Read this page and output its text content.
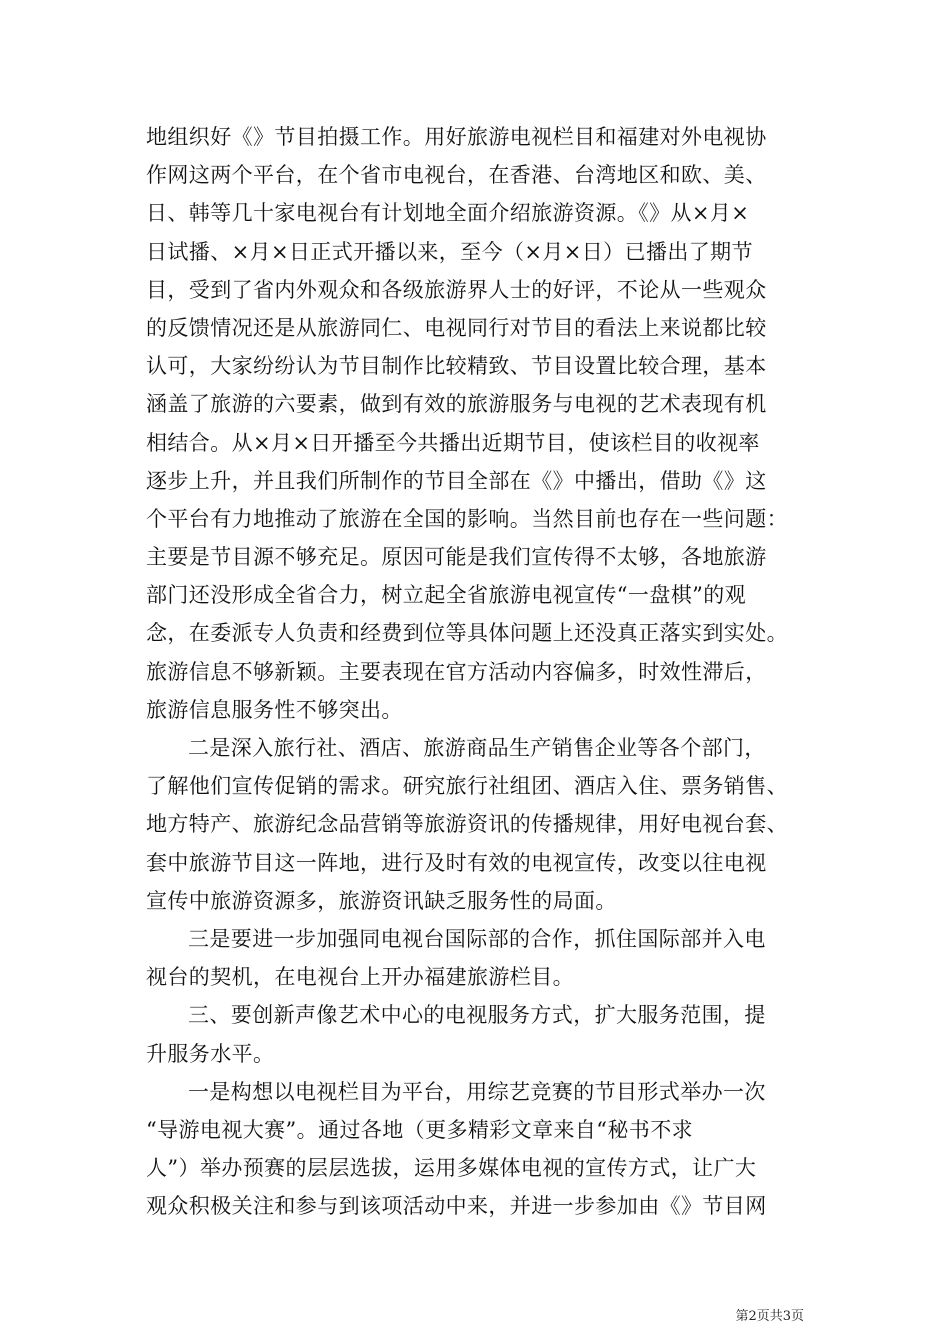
地组织好《》节目拍摄工作。用好旅游电视栏目和福建对外电视协
作网这两个平台，在个省市电视台，在香港、台湾地区和欧、美、
日、韩等几十家电视台有计划地全面介绍旅游资源。《》从×月×
日试播、×月×日正式开播以来，至今（×月×日）已播出了期节
目，受到了省内外观众和各级旅游界人士的好评，不论从一些观众
的反馈情况还是从旅游同仁、电视同行对节目的看法上来说都比较
认可，大家纷纷认为节目制作比较精致、节目设置比较合理，基本
涵盖了旅游的六要素，做到有效的旅游服务与电视的艺术表现有机
相结合。从×月×日开播至今共播出近期节目，使该栏目的收视率
逐步上升，并且我们所制作的节目全部在《》中播出，借助《》这
个平台有力地推动了旅游在全国的影响。当然目前也存在一些问题：
主要是节目源不够充足。原因可能是我们宣传得不太够，各地旅游
部门还没形成全省合力，树立起全省旅游电视宣传“一盘棋”的观
念，在委派专人负责和经费到位等具体问题上还没真正落实到实处。
旅游信息不够新颖。主要表现在官方活动内容偏多，时效性滞后，
旅游信息服务性不够突出。
二是深入旅行社、酒店、旅游商品生产销售企业等各个部门，
了解他们宣传促销的需求。研究旅行社组团、酒店入住、票务销售、
地方特产、旅游纪念品营销等旅游资讯的传播规律，用好电视台套、
套中旅游节目这一阵地，进行及时有效的电视宣传，改变以往电视
宣传中旅游资源多，旅游资讯缺乏服务性的局面。
三是要进一步加强同电视台国际部的合作，抓住国际部并入电
视台的契机，在电视台上开办福建旅游栏目。
三、要创新声像艺术中心的电视服务方式，扩大服务范围，提
升服务水平。
一是构想以电视栏目为平台，用综艺竞赛的节目形式举办一次
“导游电视大赛”。通过各地（更多精彩文章来自“秘书不求
人”）举办预赛的层层选拔，运用多媒体电视的宣传方式，让广大
观众积极关注和参与到该项活动中来，并进一步参加由《》节目网
第2页共3页
